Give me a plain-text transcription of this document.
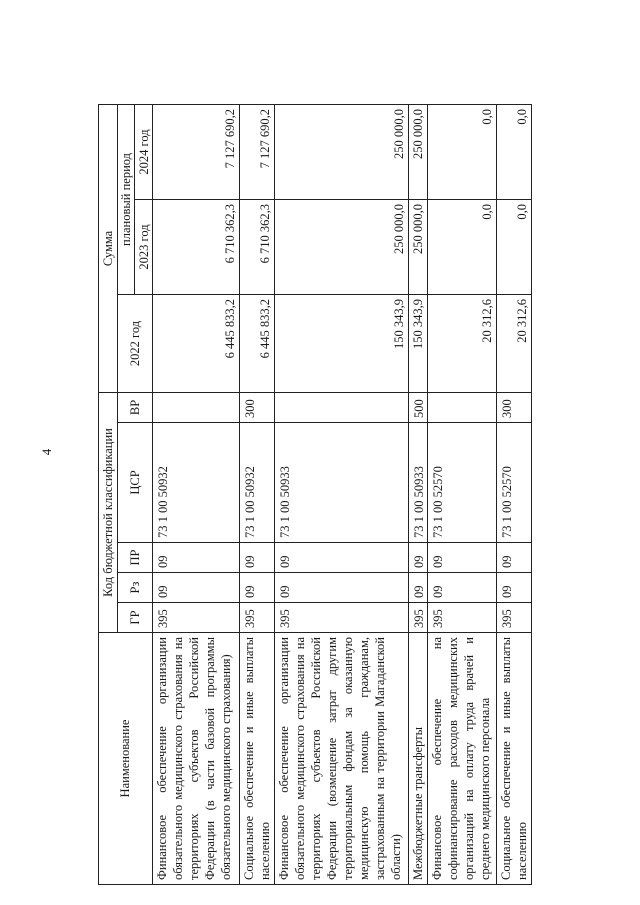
4
Наименование	Код бюджетной классификации					Сумма		
	ГР	Рз	ПР	ЦСР	ВР	2022 год	плановый период	
							2023 год	2024 год
Финансовое обеспечение организации обязательного медицинского страхования на территориях субъектов Российской Федерации (в части базовой программы обязательного медицинского страхования)	395	09	09	73 1 00 50932		6 445 833,2	6 710 362,3	7 127 690,2
Социальное обеспечение и иные выплаты населению	395	09	09	73 1 00 50932	300	6 445 833,2	6 710 362,3	7 127 690,2
Финансовое обеспечение организации обязательного медицинского страхования на территориях субъектов Российской Федерации (возмещение затрат другим территориальным фондам за оказанную медицинскую помощь гражданам, застрахованным на территории Магаданской области)	395	09	09	73 1 00 50933		150 343,9	250 000,0	250 000,0
Межбюджетные трансферты	395	09	09	73 1 00 50933	500	150 343,9	250 000,0	250 000,0
Финансовое обеспечение на софинансирование расходов медицинских организаций на оплату труда врачей и среднего медицинского персонала	395	09	09	73 1 00 52570		20 312,6	0,0	0,0
Социальное обеспечение и иные выплаты населению	395	09	09	73 1 00 52570	300	20 312,6	0,0	0,0
